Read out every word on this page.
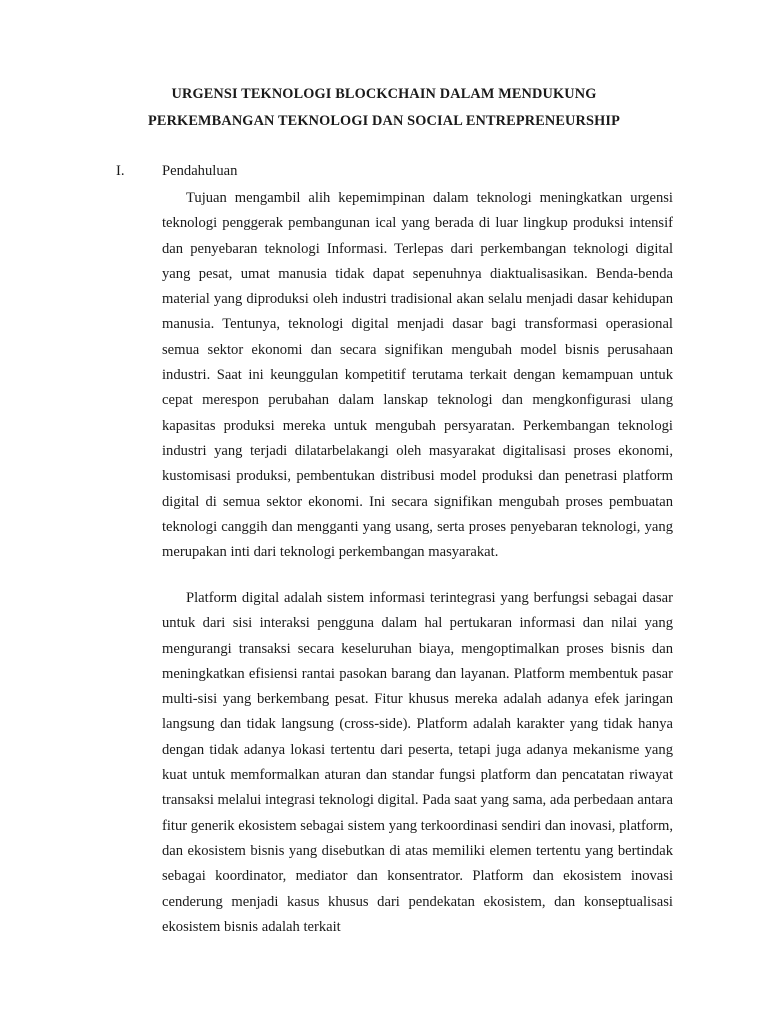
URGENSI TEKNOLOGI BLOCKCHAIN DALAM MENDUKUNG
PERKEMBANGAN TEKNOLOGI DAN SOCIAL ENTREPRENEURSHIP
I.	Pendahuluan

Tujuan mengambil alih kepemimpinan dalam teknologi meningkatkan urgensi teknologi penggerak pembangunan ical yang berada di luar lingkup produksi intensif dan penyebaran teknologi Informasi. Terlepas dari perkembangan teknologi digital yang pesat, umat manusia tidak dapat sepenuhnya diaktualisasikan. Benda-benda material yang diproduksi oleh industri tradisional akan selalu menjadi dasar kehidupan manusia. Tentunya, teknologi digital menjadi dasar bagi transformasi operasional semua sektor ekonomi dan secara signifikan mengubah model bisnis perusahaan industri. Saat ini keunggulan kompetitif terutama terkait dengan kemampuan untuk cepat merespon perubahan dalam lanskap teknologi dan mengkonfigurasi ulang kapasitas produksi mereka untuk mengubah persyaratan. Perkembangan teknologi industri yang terjadi dilatarbelakangi oleh masyarakat digitalisasi proses ekonomi, kustomisasi produksi, pembentukan distribusi model produksi dan penetrasi platform digital di semua sektor ekonomi. Ini secara signifikan mengubah proses pembuatan teknologi canggih dan mengganti yang usang, serta proses penyebaran teknologi, yang merupakan inti dari teknologi perkembangan masyarakat.

Platform digital adalah sistem informasi terintegrasi yang berfungsi sebagai dasar untuk dari sisi interaksi pengguna dalam hal pertukaran informasi dan nilai yang mengurangi transaksi secara keseluruhan biaya, mengoptimalkan proses bisnis dan meningkatkan efisiensi rantai pasokan barang dan layanan. Platform membentuk pasar multi-sisi yang berkembang pesat. Fitur khusus mereka adalah adanya efek jaringan langsung dan tidak langsung (cross-side). Platform adalah karakter yang tidak hanya dengan tidak adanya lokasi tertentu dari peserta, tetapi juga adanya mekanisme yang kuat untuk memformalkan aturan dan standar fungsi platform dan pencatatan riwayat transaksi melalui integrasi teknologi digital. Pada saat yang sama, ada perbedaan antara fitur generik ekosistem sebagai sistem yang terkoordinasi sendiri dan inovasi, platform, dan ekosistem bisnis yang disebutkan di atas memiliki elemen tertentu yang bertindak sebagai koordinator, mediator dan konsentrator. Platform dan ekosistem inovasi cenderung menjadi kasus khusus dari pendekatan ekosistem, dan konseptualisasi ekosistem bisnis adalah terkait
